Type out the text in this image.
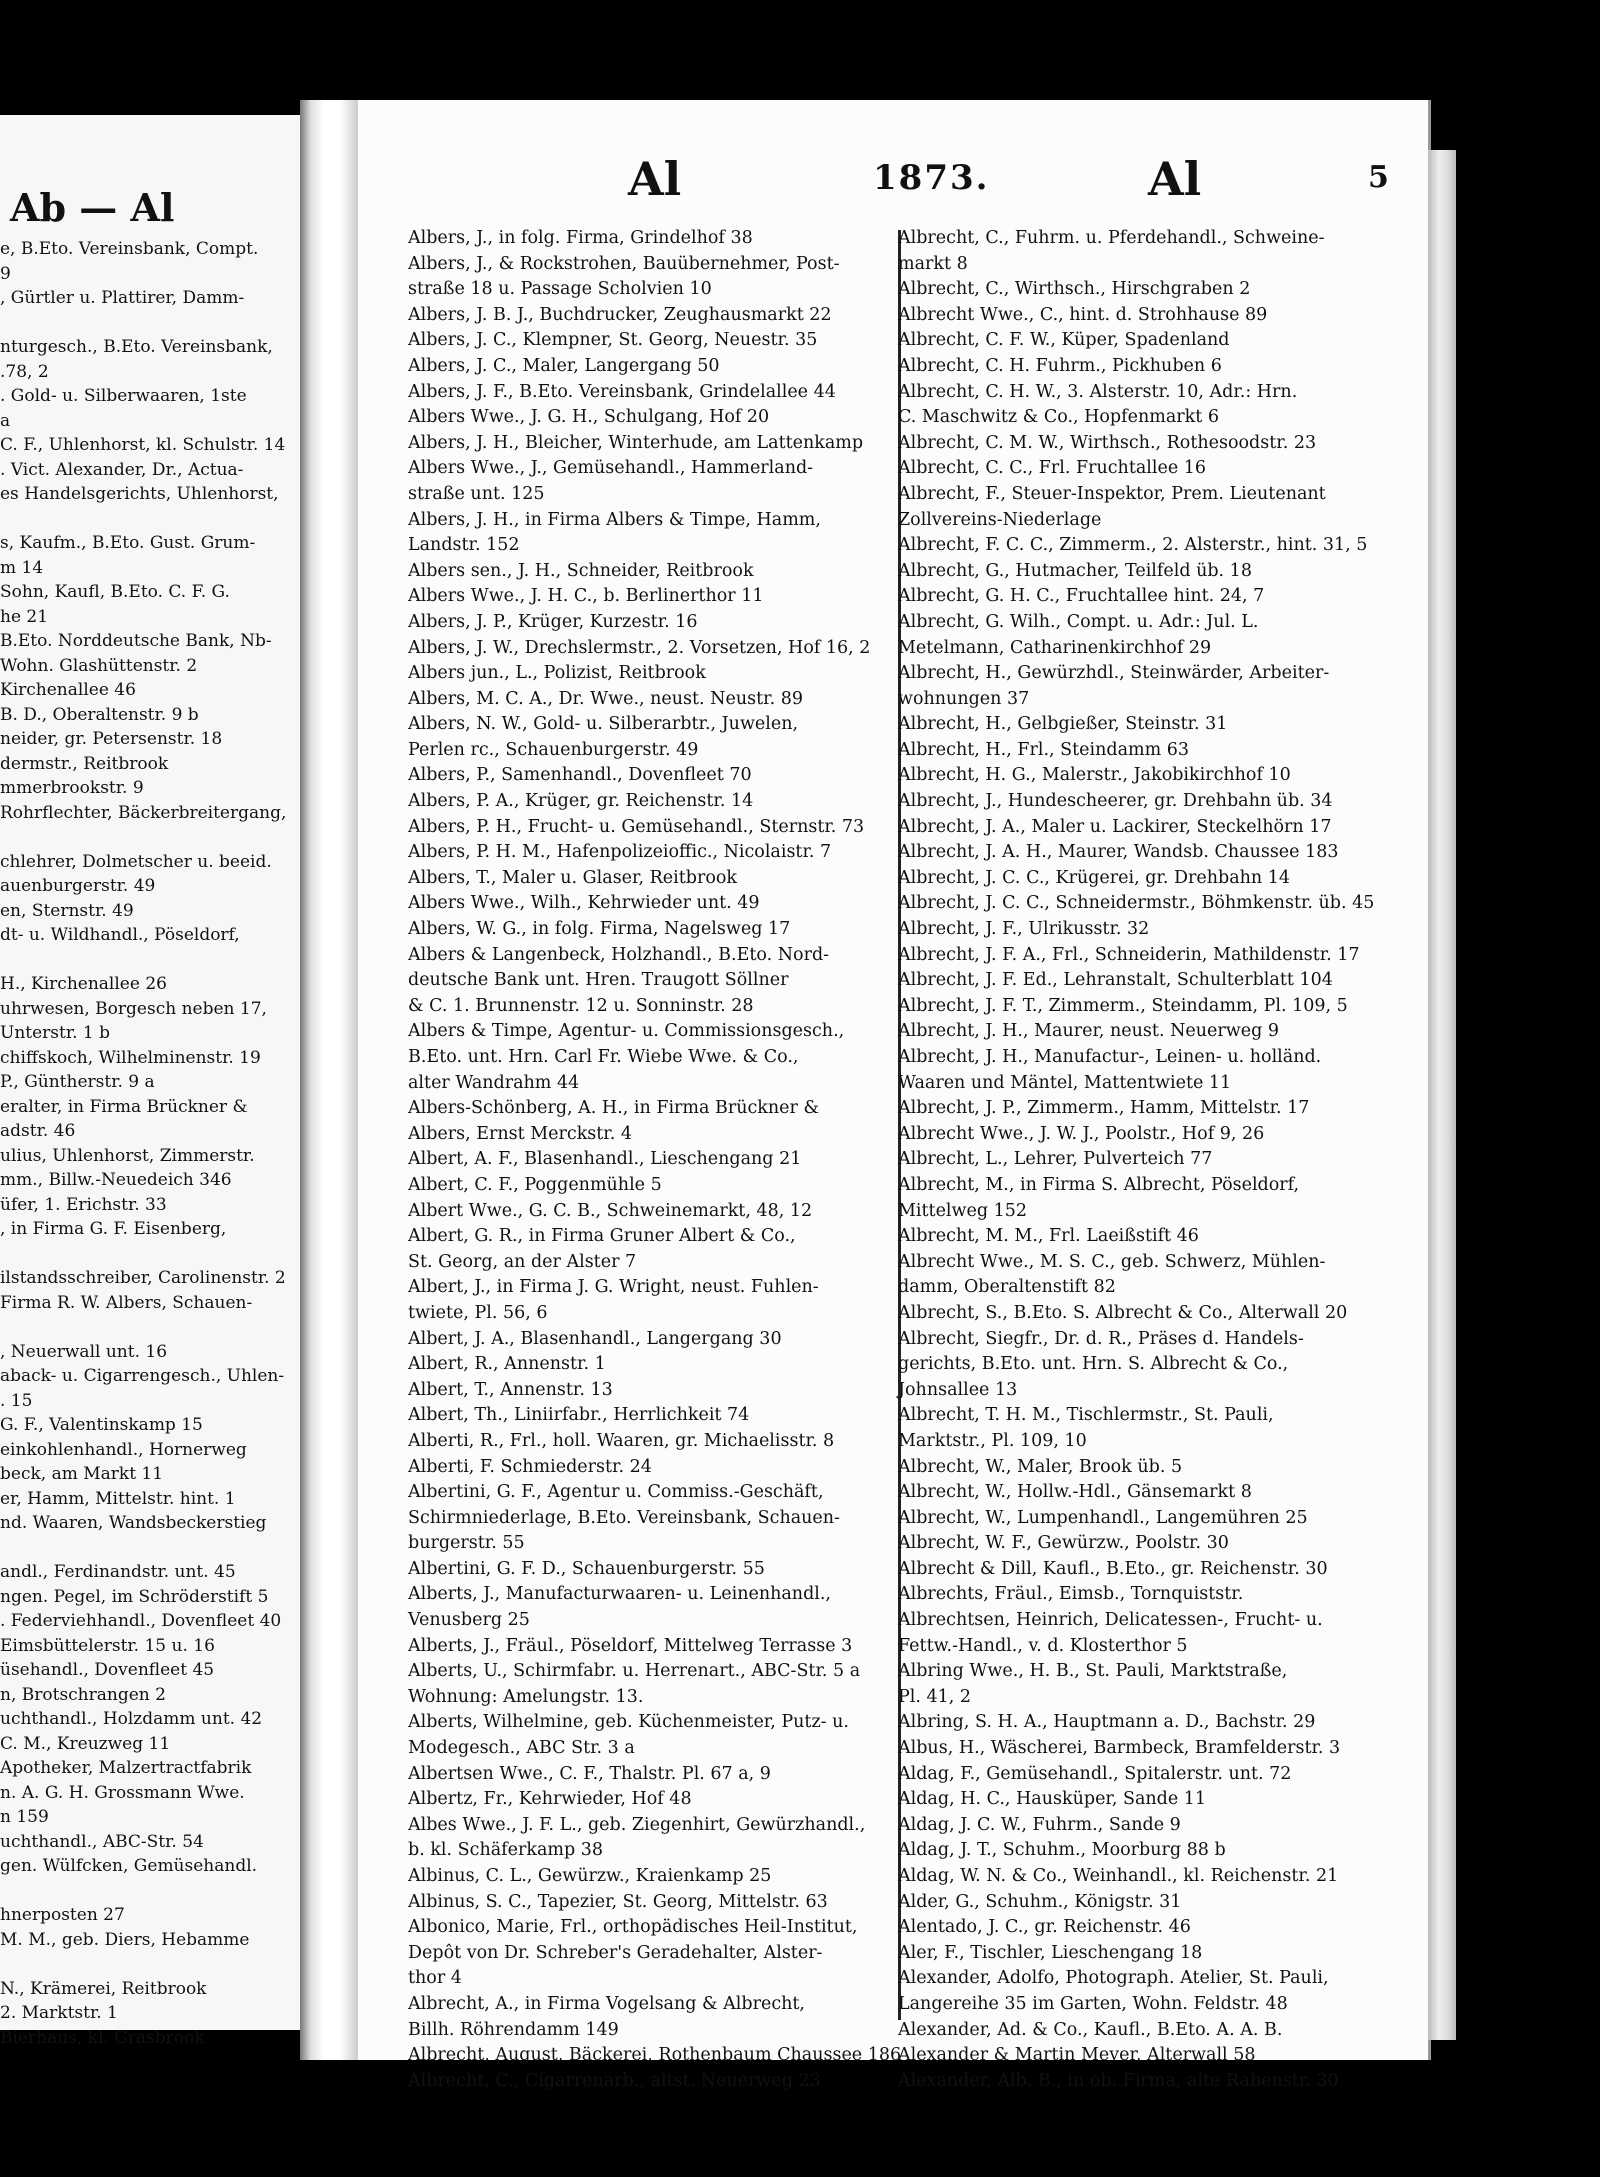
Ab — Al
e, B.Eto. Vereinsbank, Compt.
9
, Gürtler u. Plattirer, Damm-
nturgesch., B.Eto. Vereinsbank,
.78, 2
. Gold- u. Silberwaaren, 1ste
a
C. F., Uhlenhorst, kl. Schulstr. 14
. Vict. Alexander, Dr., Actua-
es Handelsgerichts, Uhlenhorst,
s, Kaufm., B.Eto. Gust. Grum-
m 14
Sohn, Kaufl, B.Eto. C. F. G.
he 21
B.Eto. Norddeutsche Bank, Nb-
Wohn. Glashüttenstr. 2
Kirchenallee 46
B. D., Oberaltenstr. 9 b
neider, gr. Petersenstr. 18
dermstr., Reitbrook
mmerbrookstr. 9
Rohrflechter, Bäckerbreitergang,
chlehrer, Dolmetscher u. beeid.
auenburgerstr. 49
en, Sternstr. 49
dt- u. Wildhandl., Pöseldorf,
H., Kirchenallee 26
uhrwesen, Borgesch neben 17,
Unterstr. 1 b
chiffskoch, Wilhelminenstr. 19
P., Güntherstr. 9 a
eralter, in Firma Brückner &
adstr. 46
ulius, Uhlenhorst, Zimmerstr.
mm., Billw.-Neuedeich 346
üfer, 1. Erichstr. 33
, in Firma G. F. Eisenberg,
ilstandsschreiber, Carolinenstr. 2
Firma R. W. Albers, Schauen-
, Neuerwall unt. 16
aback- u. Cigarrengesch., Uhlen-
. 15
G. F., Valentinskamp 15
einkohlenhandl., Hornerweg
beck, am Markt 11
er, Hamm, Mittelstr. hint. 1
nd. Waaren, Wandsbeckerstieg
andl., Ferdinandstr. unt. 45
ngen. Pegel, im Schröderstift 5
. Federviehhandl., Dovenfleet 40
Eimsbüttelerstr. 15 u. 16
üsehandl., Dovenfleet 45
n, Brotschrangen 2
uchthandl., Holzdamm unt. 42
C. M., Kreuzweg 11
Apotheker, Malzertractfabrik
n. A. G. H. Grossmann Wwe.
n 159
uchthandl., ABC-Str. 54
gen. Wülfcken, Gemüsehandl.
hnerposten 27
M. M., geb. Diers, Hebamme
N., Krämerei, Reitbrook
2. Marktstr. 1
Bierhaus, kl. Grasbrook
Al	1873.	Al	5
Albers, J., in folg. Firma, Grindelhof 38
Albers, J., & Rockstrohen, Bauübernehmer, Post-
straße 18 u. Passage Scholvien 10
Albers, J. B. J., Buchdrucker, Zeughausmarkt 22
Albers, J. C., Klempner, St. Georg, Neuestr. 35
Albers, J. C., Maler, Langergang 50
Albers, J. F., B.Eto. Vereinsbank, Grindelallee 44
Albers Wwe., J. G. H., Schulgang, Hof 20
Albers, J. H., Bleicher, Winterhude, am Lattenkamp
Albers Wwe., J., Gemüsehandl., Hammerland-
straße unt. 125
Albers, J. H., in Firma Albers & Timpe, Hamm,
Landstr. 152
Albers sen., J. H., Schneider, Reitbrook
Albers Wwe., J. H. C., b. Berlinerthor 11
Albers, J. P., Krüger, Kurzestr. 16
Albers, J. W., Drechslermstr., 2. Vorsetzen, Hof 16, 2
Albers jun., L., Polizist, Reitbrook
Albers, M. C. A., Dr. Wwe., neust. Neustr. 89
Albers, N. W., Gold- u. Silberarbtr., Juwelen,
Perlen rc., Schauenburgerstr. 49
Albers, P., Samenhandl., Dovenfleet 70
Albers, P. A., Krüger, gr. Reichenstr. 14
Albers, P. H., Frucht- u. Gemüsehandl., Sternstr. 73
Albers, P. H. M., Hafenpolizeioffic., Nicolaistr. 7
Albers, T., Maler u. Glaser, Reitbrook
Albers Wwe., Wilh., Kehrwieder unt. 49
Albers, W. G., in folg. Firma, Nagelsweg 17
Albers & Langenbeck, Holzhandl., B.Eto. Nord-
deutsche Bank unt. Hren. Traugott Söllner
& C. 1. Brunnenstr. 12 u. Sonninstr. 28
Albers & Timpe, Agentur- u. Commissionsgesch.,
B.Eto. unt. Hrn. Carl Fr. Wiebe Wwe. & Co.,
alter Wandrahm 44
Albers-Schönberg, A. H., in Firma Brückner &
Albers, Ernst Merckstr. 4
Albert, A. F., Blasenhandl., Lieschengang 21
Albert, C. F., Poggenmühle 5
Albert Wwe., G. C. B., Schweinemarkt, 48, 12
Albert, G. R., in Firma Gruner Albert & Co.,
St. Georg, an der Alster 7
Albert, J., in Firma J. G. Wright, neust. Fuhlen-
twiete, Pl. 56, 6
Albert, J. A., Blasenhandl., Langergang 30
Albert, R., Annenstr. 1
Albert, T., Annenstr. 13
Albert, Th., Liniirfabr., Herrlichkeit 74
Alberti, R., Frl., holl. Waaren, gr. Michaelisstr. 8
Alberti, F. Schmiederstr. 24
Albertini, G. F., Agentur u. Commiss.-Geschäft,
Schirmniederlage, B.Eto. Vereinsbank, Schauen-
burgerstr. 55
Albertini, G. F. D., Schauenburgerstr. 55
Alberts, J., Manufacturwaaren- u. Leinenhandl.,
Venusberg 25
Alberts, J., Fräul., Pöseldorf, Mittelweg Terrasse 3
Alberts, U., Schirmfabr. u. Herrenart., ABC-Str. 5 a
Wohnung: Amelungstr. 13.
Alberts, Wilhelmine, geb. Küchenmeister, Putz- u.
Modegesch., ABC Str. 3 a
Albertsen Wwe., C. F., Thalstr. Pl. 67 a, 9
Albertz, Fr., Kehrwieder, Hof 48
Albes Wwe., J. F. L., geb. Ziegenhirt, Gewürzhandl.,
b. kl. Schäferkamp 38
Albinus, C. L., Gewürzw., Kraienkamp 25
Albinus, S. C., Tapezier, St. Georg, Mittelstr. 63
Albonico, Marie, Frl., orthopädisches Heil-Institut,
Depôt von Dr. Schreber's Geradehalter, Alster-
thor 4
Albrecht, A., in Firma Vogelsang & Albrecht,
Billh. Röhrendamm 149
Albrecht, August, Bäckerei, Rothenbaum Chaussee 186
Albrecht, C., Cigarrenarb., altst. Neuerweg 23
Albrecht, C., Fuhrm. u. Pferdehandl., Schweine-
markt 8
Albrecht, C., Wirthsch., Hirschgraben 2
Albrecht Wwe., C., hint. d. Strohhause 89
Albrecht, C. F. W., Küper, Spadenland
Albrecht, C. H. Fuhrm., Pickhuben 6
Albrecht, C. H. W., 3. Alsterstr. 10, Adr.: Hrn.
C. Maschwitz & Co., Hopfenmarkt 6
Albrecht, C. M. W., Wirthsch., Rothesoodstr. 23
Albrecht, C. C., Frl. Fruchtallee 16
Albrecht, F., Steuer-Inspektor, Prem. Lieutenant
Zollvereins-Niederlage
Albrecht, F. C. C., Zimmerm., 2. Alsterstr., hint. 31, 5
Albrecht, G., Hutmacher, Teilfeld üb. 18
Albrecht, G. H. C., Fruchtallee hint. 24, 7
Albrecht, G. Wilh., Compt. u. Adr.: Jul. L.
Metelmann, Catharinenkirchhof 29
Albrecht, H., Gewürzhdl., Steinwärder, Arbeiter-
wohnungen 37
Albrecht, H., Gelbgießer, Steinstr. 31
Albrecht, H., Frl., Steindamm 63
Albrecht, H. G., Malerstr., Jakobikirchhof 10
Albrecht, J., Hundescheerer, gr. Drehbahn üb. 34
Albrecht, J. A., Maler u. Lackirer, Steckelhörn 17
Albrecht, J. A. H., Maurer, Wandsb. Chaussee 183
Albrecht, J. C. C., Krügerei, gr. Drehbahn 14
Albrecht, J. C. C., Schneidermstr., Böhmkenstr. üb. 45
Albrecht, J. F., Ulrikusstr. 32
Albrecht, J. F. A., Frl., Schneiderin, Mathildenstr. 17
Albrecht, J. F. Ed., Lehranstalt, Schulterblatt 104
Albrecht, J. F. T., Zimmerm., Steindamm, Pl. 109, 5
Albrecht, J. H., Maurer, neust. Neuerweg 9
Albrecht, J. H., Manufactur-, Leinen- u. holländ.
Waaren und Mäntel, Mattentwiete 11
Albrecht, J. P., Zimmerm., Hamm, Mittelstr. 17
Albrecht Wwe., J. W. J., Poolstr., Hof 9, 26
Albrecht, L., Lehrer, Pulverteich 77
Albrecht, M., in Firma S. Albrecht, Pöseldorf,
Mittelweg 152
Albrecht, M. M., Frl. Laeißstift 46
Albrecht Wwe., M. S. C., geb. Schwerz, Mühlen-
damm, Oberaltenstift 82
Albrecht, S., B.Eto. S. Albrecht & Co., Alterwall 20
Albrecht, Siegfr., Dr. d. R., Präses d. Handels-
gerichts, B.Eto. unt. Hrn. S. Albrecht & Co.,
Johnsallee 13
Albrecht, T. H. M., Tischlermstr., St. Pauli,
Marktstr., Pl. 109, 10
Albrecht, W., Maler, Brook üb. 5
Albrecht, W., Hollw.-Hdl., Gänsemarkt 8
Albrecht, W., Lumpenhandl., Langemühren 25
Albrecht, W. F., Gewürzw., Poolstr. 30
Albrecht & Dill, Kaufl., B.Eto., gr. Reichenstr. 30
Albrechts, Fräul., Eimsb., Tornquiststr.
Albrechtsen, Heinrich, Delicatessen-, Frucht- u.
Fettw.-Handl., v. d. Klosterthor 5
Albring Wwe., H. B., St. Pauli, Marktstraße,
Pl. 41, 2
Albring, S. H. A., Hauptmann a. D., Bachstr. 29
Albus, H., Wäscherei, Barmbeck, Bramfelderstr. 3
Aldag, F., Gemüsehandl., Spitalerstr. unt. 72
Aldag, H. C., Hausküper, Sande 11
Aldag, J. C. W., Fuhrm., Sande 9
Aldag, J. T., Schuhm., Moorburg 88 b
Aldag, W. N. & Co., Weinhandl., kl. Reichenstr. 21
Alder, G., Schuhm., Königstr. 31
Alentado, J. C., gr. Reichenstr. 46
Aler, F., Tischler, Lieschengang 18
Alexander, Adolfo, Photograph. Atelier, St. Pauli,
Langereihe 35 im Garten, Wohn. Feldstr. 48
Alexander, Ad. & Co., Kaufl., B.Eto. A. A. B.
Alexander & Martin Meyer, Alterwall 58
Alexander, Alb. B., in ob. Firma, alte Rabenstr. 30
